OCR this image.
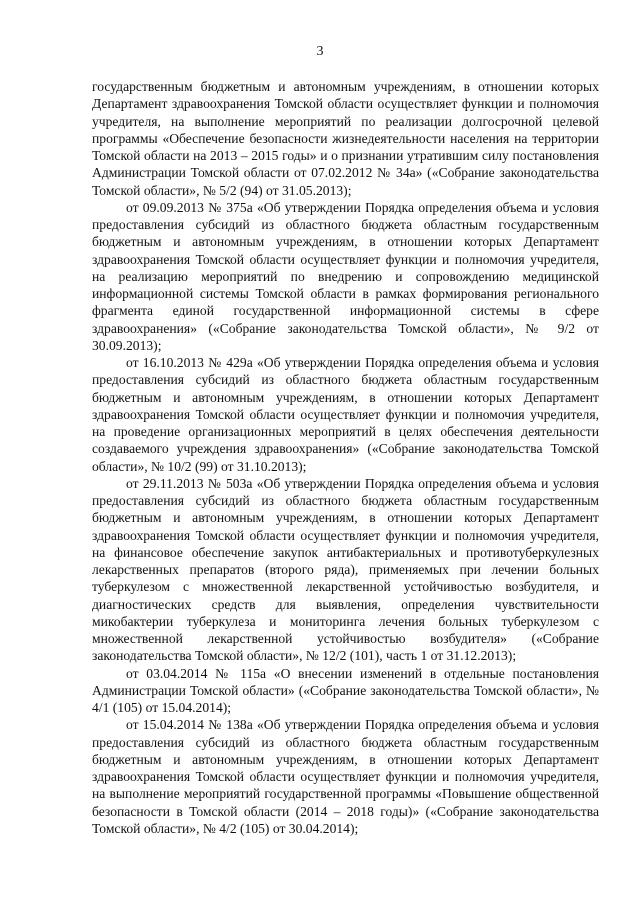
3

государственным бюджетным и автономным учреждениям, в отношении которых Департамент здравоохранения Томской области осуществляет функции и полномочия учредителя, на выполнение мероприятий по реализации долгосрочной целевой программы «Обеспечение безопасности жизнедеятельности населения на территории Томской области на 2013 – 2015 годы» и о признании утратившим силу постановления Администрации Томской области от 07.02.2012 № 34а» («Собрание законодательства Томской области», № 5/2 (94) от 31.05.2013);

от 09.09.2013 № 375а «Об утверждении Порядка определения объема и условия предоставления субсидий из областного бюджета областным государственным бюджетным и автономным учреждениям, в отношении которых Департамент здравоохранения Томской области осуществляет функции и полномочия учредителя, на реализацию мероприятий по внедрению и сопровождению медицинской информационной системы Томской области в рамках формирования регионального фрагмента единой государственной информационной системы в сфере здравоохранения» («Собрание законодательства Томской области», № 9/2 от 30.09.2013);

от 16.10.2013 № 429а «Об утверждении Порядка определения объема и условия предоставления субсидий из областного бюджета областным государственным бюджетным и автономным учреждениям, в отношении которых Департамент здравоохранения Томской области осуществляет функции и полномочия учредителя, на проведение организационных мероприятий в целях обеспечения деятельности создаваемого учреждения здравоохранения» («Собрание законодательства Томской области», № 10/2 (99) от 31.10.2013);

от 29.11.2013 № 503а «Об утверждении Порядка определения объема и условия предоставления субсидий из областного бюджета областным государственным бюджетным и автономным учреждениям, в отношении которых Департамент здравоохранения Томской области осуществляет функции и полномочия учредителя, на финансовое обеспечение закупок антибактериальных и противотуберкулезных лекарственных препаратов (второго ряда), применяемых при лечении больных туберкулезом с множественной лекарственной устойчивостью возбудителя, и диагностических средств для выявления, определения чувствительности микобактерии туберкулеза и мониторинга лечения больных туберкулезом с множественной лекарственной устойчивостью возбудителя» («Собрание законодательства Томской области», № 12/2 (101), часть 1 от 31.12.2013);

от 03.04.2014 № 115а «О внесении изменений в отдельные постановления Администрации Томской области» («Собрание законодательства Томской области», № 4/1 (105) от 15.04.2014);

от 15.04.2014 № 138а «Об утверждении Порядка определения объема и условия предоставления субсидий из областного бюджета областным государственным бюджетным и автономным учреждениям, в отношении которых Департамент здравоохранения Томской области осуществляет функции и полномочия учредителя, на выполнение мероприятий государственной программы «Повышение общественной безопасности в Томской области (2014 – 2018 годы)» («Собрание законодательства Томской области», № 4/2 (105) от 30.04.2014);
